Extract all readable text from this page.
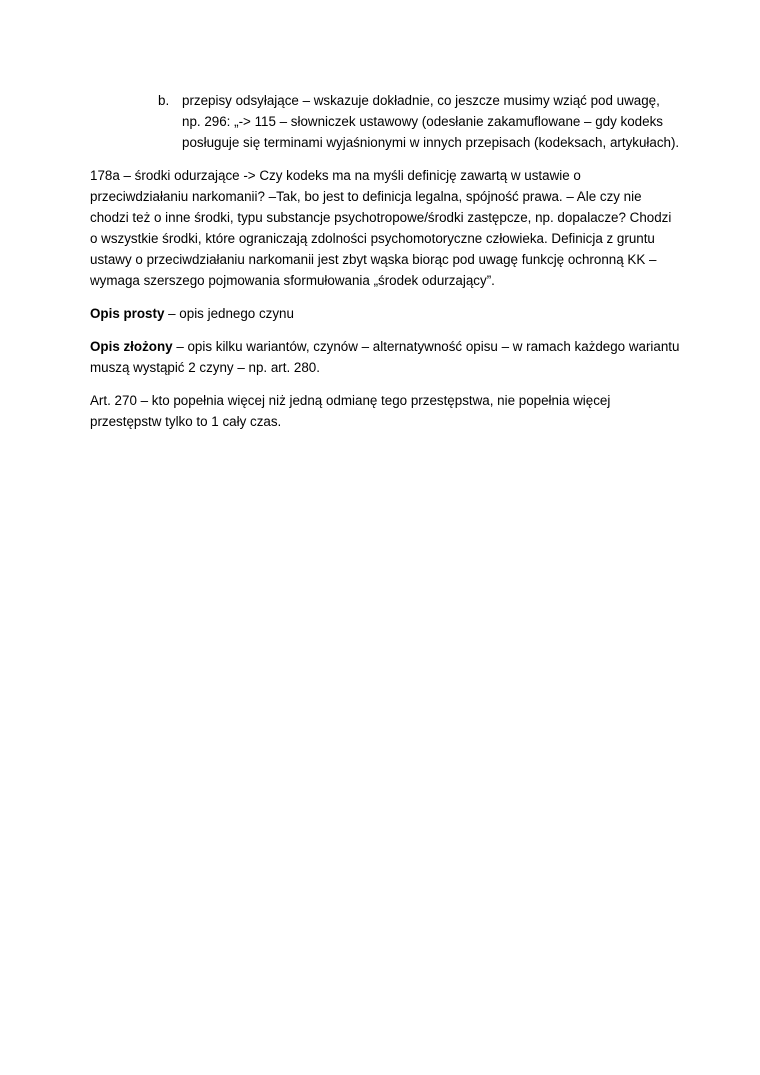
b. przepisy odsyłające – wskazuje dokładnie, co jeszcze musimy wziąć pod uwagę, np. 296: „-> 115 – słowniczek ustawowy (odesłanie zakamuflowane – gdy kodeks posługuje się terminami wyjaśnionymi w innych przepisach (kodeksach, artykułach).

178a – środki odurzające -> Czy kodeks ma na myśli definicję zawartą w ustawie o przeciwdziałaniu narkomanii? –Tak, bo jest to definicja legalna, spójność prawa. – Ale czy nie chodzi też o inne środki, typu substancje psychotropowe/środki zastępcze, np. dopalacze? Chodzi o wszystkie środki, które ograniczają zdolności psychomotoryczne człowieka. Definicja z gruntu ustawy o przeciwdziałaniu narkomanii jest zbyt wąska biorąc pod uwagę funkcję ochronną KK – wymaga szerszego pojmowania sformułowania „środek odurzający”.

Opis prosty – opis jednego czynu

Opis złożony – opis kilku wariantów, czynów – alternatywność opisu – w ramach każdego wariantu muszą wystąpić 2 czyny – np. art. 280.

Art. 270 – kto popełnia więcej niż jedną odmianę tego przestępstwa, nie popełnia więcej przestępstw tylko to 1 cały czas.
